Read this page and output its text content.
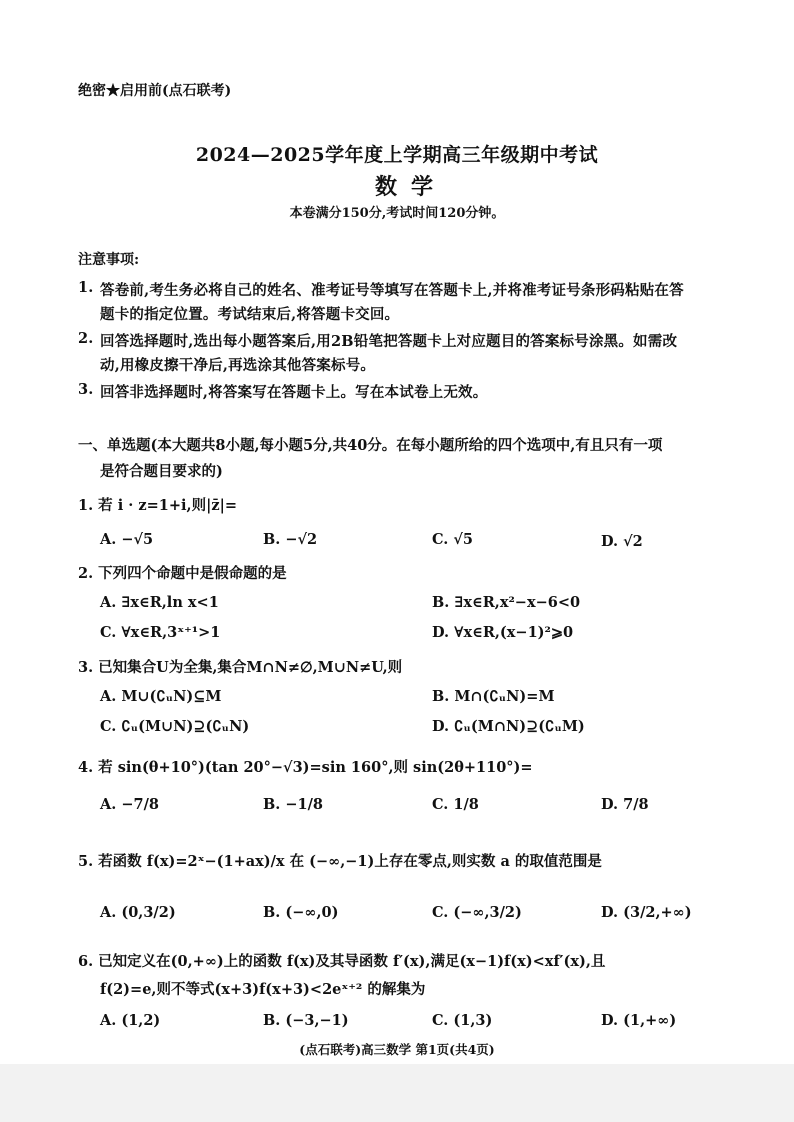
绝密★启用前(点石联考)
2024—2025学年度上学期高三年级期中考试
数学
本卷满分150分,考试时间120分钟。
注意事项:
1. 答卷前,考生务必将自己的姓名、准考证号等填写在答题卡上,并将准考证号条形码粘贴在答
题卡的指定位置。考试结束后,将答题卡交回。
2. 回答选择题时,选出每小题答案后,用2B铅笔把答题卡上对应题目的答案标号涂黑。如需改
动,用橡皮擦干净后,再选涂其他答案标号。
3. 回答非选择题时,将答案写在答题卡上。写在本试卷上无效。
一、单选题(本大题共8小题,每小题5分,共40分。在每小题所给的四个选项中,有且只有一项
是符合题目要求的)
1. 若 i · z=1+i,则|z̄|=
A. −√5	B. −√2	C. √5	D. √2
2. 下列四个命题中是假命题的是
A. ∃x∈R,ln x<1	B. ∃x∈R,x²−x−6<0
C. ∀x∈R,3ˣ⁺¹>1	D. ∀x∈R,(x−1)²⩾0
3. 已知集合U为全集,集合M∩N≠∅,M∪N≠U,则
A. M∪(∁ᵤN)⊆M	B. M∩(∁ᵤN)=M
C. ∁ᵤ(M∪N)⊇(∁ᵤN)	D. ∁ᵤ(M∩N)⊇(∁ᵤM)
4. 若 sin(θ+10°)(tan 20°−√3)=sin 160°,则 sin(2θ+110°)=
A. −7/8	B. −1/8	C. 1/8	D. 7/8
5. 若函数 f(x)=2ˣ−(1+ax)/x 在 (−∞,−1)上存在零点,则实数 a 的取值范围是
A. (0,3/2)	B. (−∞,0)	C. (−∞,3/2)	D. (3/2,+∞)
6. 已知定义在(0,+∞)上的函数 f(x)及其导函数 f′(x),满足(x−1)f(x)<xf′(x),且
f(2)=e,则不等式(x+3)f(x+3)<2eˣ⁺² 的解集为
A. (1,2)	B. (−3,−1)	C. (1,3)	D. (1,+∞)
(点石联考)高三数学 第1页(共4页)
